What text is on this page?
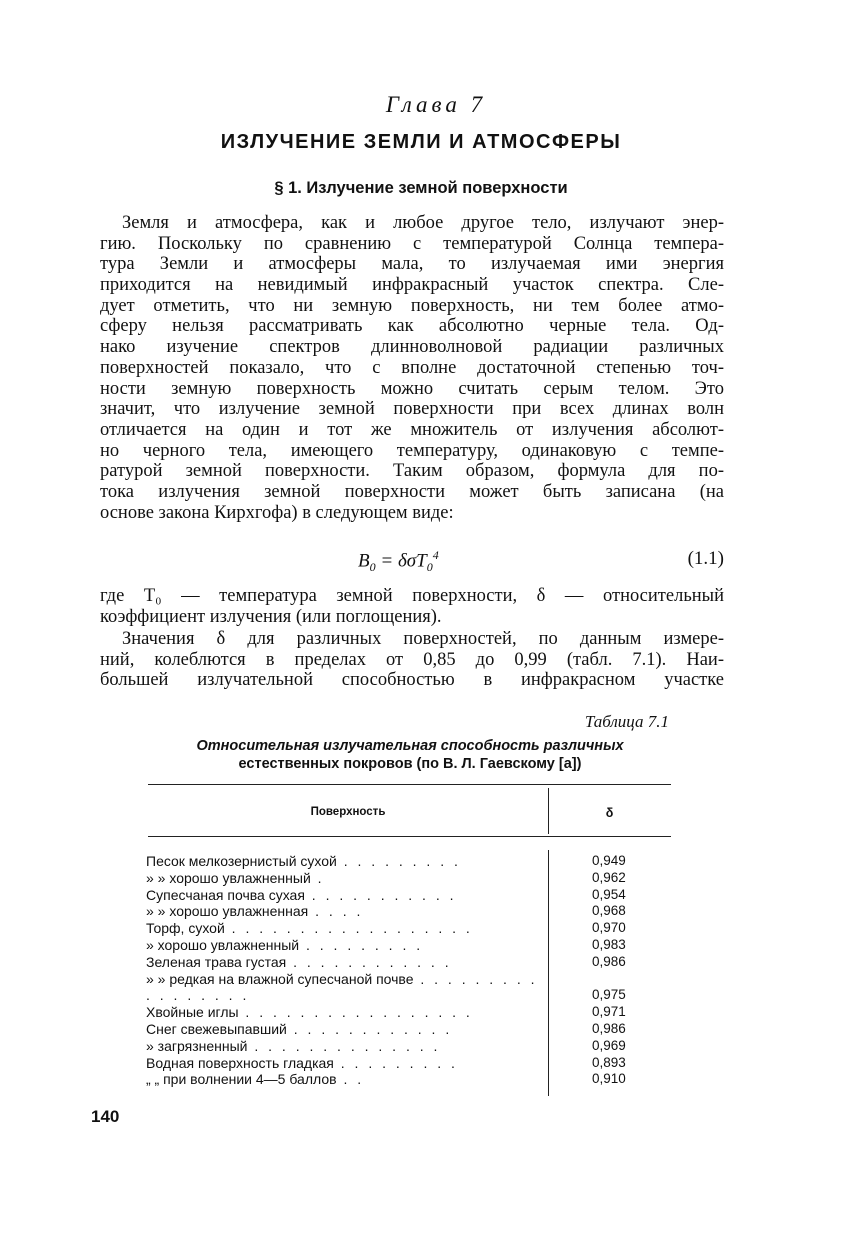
Глава 7
ИЗЛУЧЕНИЕ ЗЕМЛИ И АТМОСФЕРЫ
§ 1. Излучение земной поверхности
Земля и атмосфера, как и любое другое тело, излучают энер-
гию. Поскольку по сравнению с температурой Солнца темпера-
тура Земли и атмосферы мала, то излучаемая ими энергия
приходится на невидимый инфракрасный участок спектра. Сле-
дует отметить, что ни земную поверхность, ни тем более атмо-
сферу нельзя рассматривать как абсолютно черные тела. Од-
нако изучение спектров длинноволновой радиации различных
поверхностей показало, что с вполне достаточной степенью точ-
ности земную поверхность можно считать серым телом. Это
значит, что излучение земной поверхности при всех длинах волн
отличается на один и тот же множитель от излучения абсолют-
но черного тела, имеющего температуру, одинаковую с темпе-
ратурой земной поверхности. Таким образом, формула для по-
тока излучения земной поверхности может быть записана (на
основе закона Кирхгофа) в следующем виде:
$B_0 = \delta\sigma T_0^4$	(1.1)
где T₀ — температура земной поверхности, δ — относительный
коэффициент излучения (или поглощения).
Значения δ для различных поверхностей, по данным измере-
ний, колеблются в пределах от 0,85 до 0,99 (табл. 7.1). Наи-
большей излучательной способностью в инфракрасном участке
Таблица 7.1
Относительная излучательная способность различных
естественных покровов (по В. Л. Гаевскому [a])
Поверхность	δ
Песок мелкозернистый сухой . . . . . . . . .	0,949
» » хорошо увлажненный .	0,962
Супесчаная почва сухая . . . . . . . . . . .	0,954
» » хорошо увлажненная . . . .	0,968
Торф, сухой . . . . . . . . . . . . . . . . . .	0,970
» хорошо увлажненный . . . . . . . . .	0,983
Зеленая трава густая . . . . . . . . . . . .	0,986
» » редкая на влажной супесчаной почве . . . . . . . . . . . . . . . . .	0,975
Хвойные иглы . . . . . . . . . . . . . . . . .	0,971
Снег свежевыпавший . . . . . . . . . . . .	0,986
» загрязненный . . . . . . . . . . . . . .	0,969
Водная поверхность гладкая . . . . . . . . .	0,893
„ „ при волнении 4—5 баллов . .	0,910
140
